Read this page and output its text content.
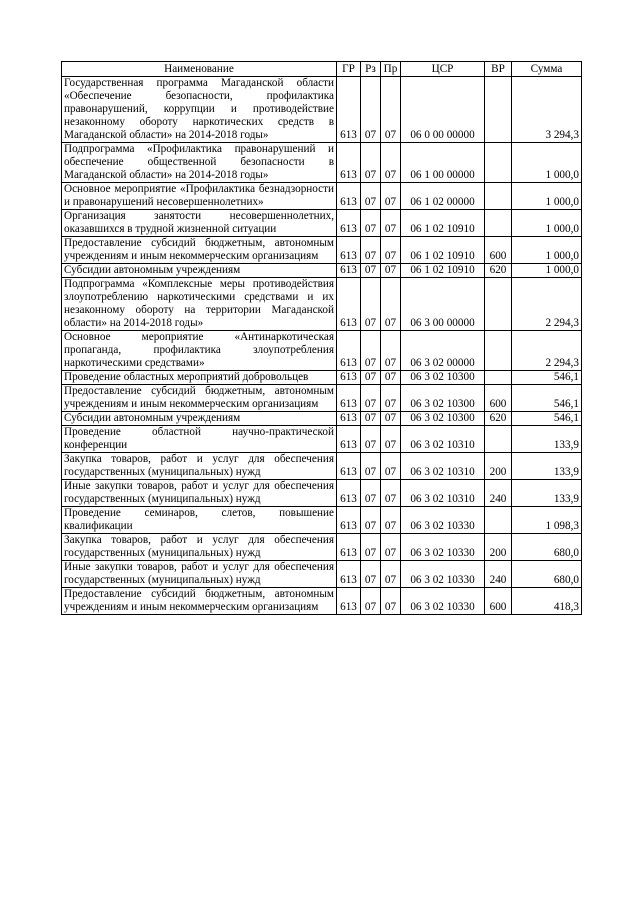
Наименование	ГР	Рз	Пр	ЦСР	ВР	Сумма
Государственная программа Магаданской области «Обеспечение безопасности, профилактика правонарушений, коррупции и противодействие незаконному обороту наркотических средств в Магаданской области» на 2014-2018 годы»	613	07	07	06 0 00 00000		3 294,3
Подпрограмма «Профилактика правонарушений и обеспечение общественной безопасности в Магаданской области» на 2014-2018 годы»	613	07	07	06 1 00 00000		1 000,0
Основное мероприятие «Профилактика безнадзорности и правонарушений несовершеннолетних»	613	07	07	06 1 02 00000		1 000,0
Организация занятости несовершеннолетних, оказавшихся в трудной жизненной ситуации	613	07	07	06 1 02 10910		1 000,0
Предоставление субсидий бюджетным, автономным учреждениям и иным некоммерческим организациям	613	07	07	06 1 02 10910	600	1 000,0
Субсидии автономным учреждениям	613	07	07	06 1 02 10910	620	1 000,0
Подпрограмма «Комплексные меры противодействия злоупотреблению наркотическими средствами и их незаконному обороту на территории Магаданской области» на 2014-2018 годы»	613	07	07	06 3 00 00000		2 294,3
Основное мероприятие «Антинаркотическая пропаганда, профилактика злоупотребления наркотическими средствами»	613	07	07	06 3 02 00000		2 294,3
Проведение областных мероприятий добровольцев	613	07	07	06 3 02 10300		546,1
Предоставление субсидий бюджетным, автономным учреждениям и иным некоммерческим организациям	613	07	07	06 3 02 10300	600	546,1
Субсидии автономным учреждениям	613	07	07	06 3 02 10300	620	546,1
Проведение областной научно-практической конференции	613	07	07	06 3 02 10310		133,9
Закупка товаров, работ и услуг для обеспечения государственных (муниципальных) нужд	613	07	07	06 3 02 10310	200	133,9
Иные закупки товаров, работ и услуг для обеспечения государственных (муниципальных) нужд	613	07	07	06 3 02 10310	240	133,9
Проведение семинаров, слетов, повышение квалификации	613	07	07	06 3 02 10330		1 098,3
Закупка товаров, работ и услуг для обеспечения государственных (муниципальных) нужд	613	07	07	06 3 02 10330	200	680,0
Иные закупки товаров, работ и услуг для обеспечения государственных (муниципальных) нужд	613	07	07	06 3 02 10330	240	680,0
Предоставление субсидий бюджетным, автономным учреждениям и иным некоммерческим организациям	613	07	07	06 3 02 10330	600	418,3
